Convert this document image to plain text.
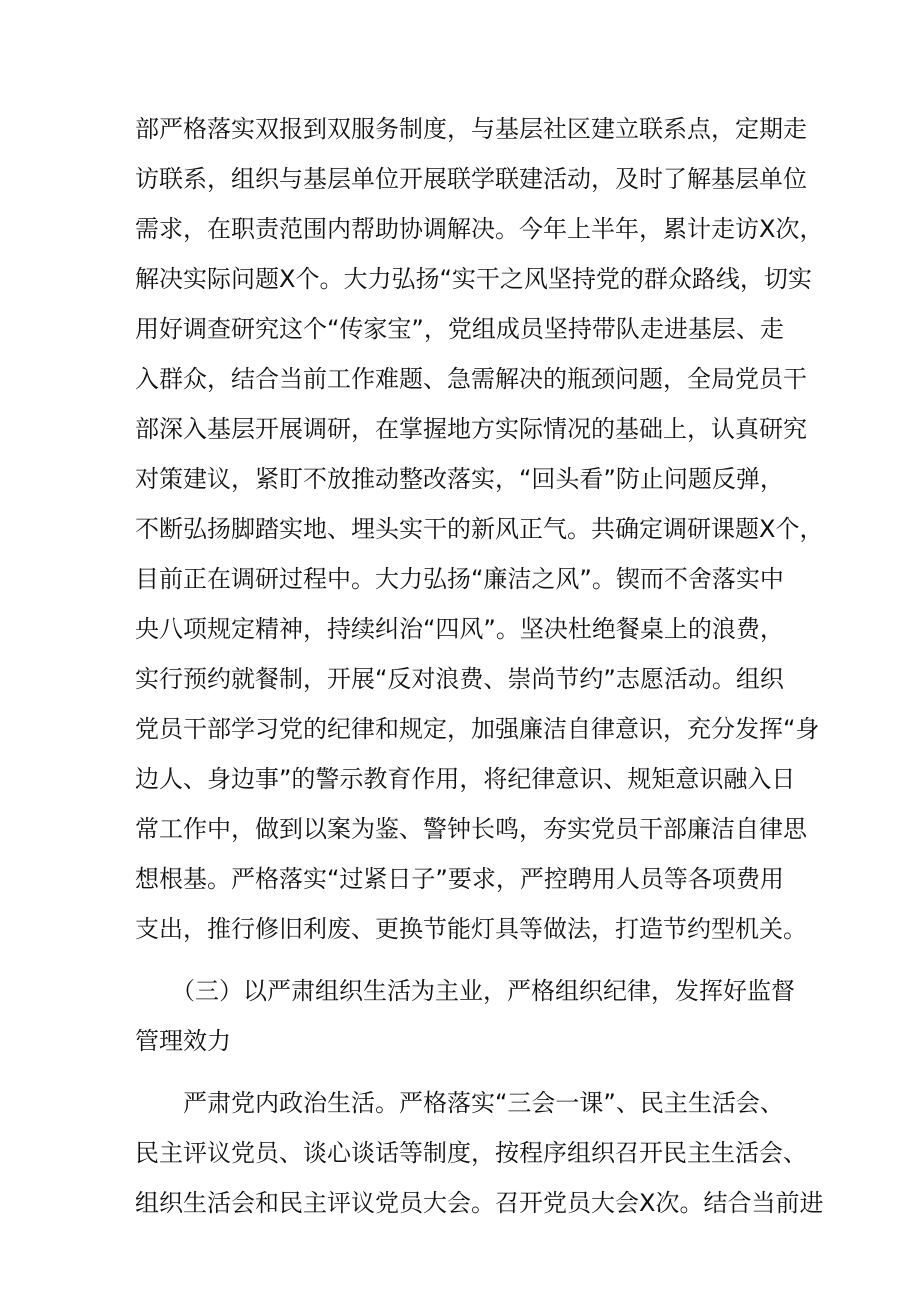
部严格落实双报到双服务制度，与基层社区建立联系点，定期走
访联系，组织与基层单位开展联学联建活动，及时了解基层单位
需求，在职责范围内帮助协调解决。今年上半年，累计走访X次，
解决实际问题X个。大力弘扬“实干之风坚持党的群众路线，切实
用好调查研究这个“传家宝”，党组成员坚持带队走进基层、走
入群众，结合当前工作难题、急需解决的瓶颈问题，全局党员干
部深入基层开展调研，在掌握地方实际情况的基础上，认真研究
对策建议，紧盯不放推动整改落实，“回头看”防止问题反弹，
不断弘扬脚踏实地、埋头实干的新风正气。共确定调研课题X个，
目前正在调研过程中。大力弘扬“廉洁之风”。锲而不舍落实中
央八项规定精神，持续纠治“四风”。坚决杜绝餐桌上的浪费，
实行预约就餐制，开展“反对浪费、崇尚节约”志愿活动。组织
党员干部学习党的纪律和规定，加强廉洁自律意识，充分发挥“身
边人、身边事”的警示教育作用，将纪律意识、规矩意识融入日
常工作中，做到以案为鉴、警钟长鸣，夯实党员干部廉洁自律思
想根基。严格落实“过紧日子”要求，严控聘用人员等各项费用
支出，推行修旧利废、更换节能灯具等做法，打造节约型机关。
　　（三）以严肃组织生活为主业，严格组织纪律，发挥好监督
管理效力
　　严肃党内政治生活。严格落实“三会一课”、民主生活会、
民主评议党员、谈心谈话等制度，按程序组织召开民主生活会、
组织生活会和民主评议党员大会。召开党员大会X次。结合当前进
